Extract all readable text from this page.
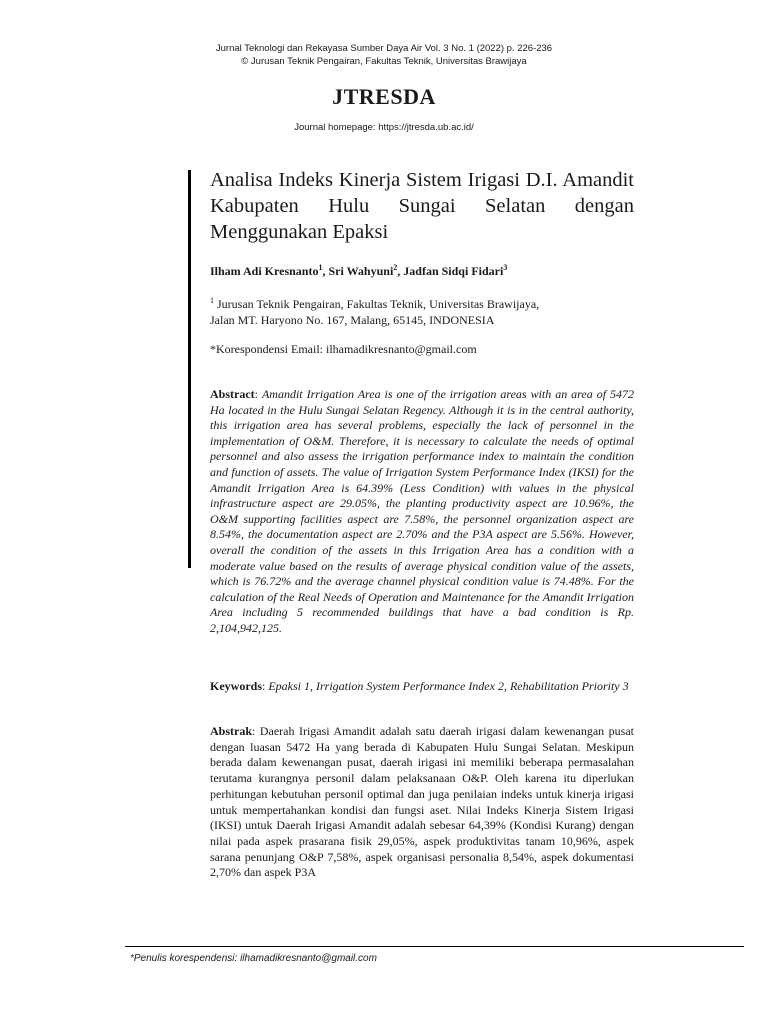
Jurnal Teknologi dan Rekayasa Sumber Daya Air Vol. 3 No. 1 (2022) p. 226-236
© Jurusan Teknik Pengairan, Fakultas Teknik, Universitas Brawijaya
JTRESDA
Journal homepage: https://jtresda.ub.ac.id/
Analisa Indeks Kinerja Sistem Irigasi D.I. Amandit Kabupaten Hulu Sungai Selatan dengan Menggunakan Epaksi
Ilham Adi Kresnanto$^1$, Sri Wahyuni$^2$, Jadfan Sidqi Fidari$^3$
$^1$ Jurusan Teknik Pengairan, Fakultas Teknik, Universitas Brawijaya,
Jalan MT. Haryono No. 167, Malang, 65145, INDONESIA
*Korespondensi Email: ilhamadikresnanto@gmail.com
Abstract: Amandit Irrigation Area is one of the irrigation areas with an area of 5472 Ha located in the Hulu Sungai Selatan Regency. Although it is in the central authority, this irrigation area has several problems, especially the lack of personnel in the implementation of O&M. Therefore, it is necessary to calculate the needs of optimal personnel and also assess the irrigation performance index to maintain the condition and function of assets. The value of Irrigation System Performance Index (IKSI) for the Amandit Irrigation Area is 64.39% (Less Condition) with values in the physical infrastructure aspect are 29.05%, the planting productivity aspect are 10.96%, the O&M supporting facilities aspect are 7.58%, the personnel organization aspect are 8.54%, the documentation aspect are 2.70% and the P3A aspect are 5.56%. However, overall the condition of the assets in this Irrigation Area has a condition with a moderate value based on the results of average physical condition value of the assets, which is 76.72% and the average channel physical condition value is 74.48%. For the calculation of the Real Needs of Operation and Maintenance for the Amandit Irrigation Area including 5 recommended buildings that have a bad condition is Rp. 2,104,942,125.
Keywords: Epaksi 1, Irrigation System Performance Index 2, Rehabilitation Priority 3
Abstrak: Daerah Irigasi Amandit adalah satu daerah irigasi dalam kewenangan pusat dengan luasan 5472 Ha yang berada di Kabupaten Hulu Sungai Selatan. Meskipun berada dalam kewenangan pusat, daerah irigasi ini memiliki beberapa permasalahan terutama kurangnya personil dalam pelaksanaan O&P. Oleh karena itu diperlukan perhitungan kebutuhan personil optimal dan juga penilaian indeks untuk kinerja irigasi untuk mempertahankan kondisi dan fungsi aset. Nilai Indeks Kinerja Sistem Irigasi (IKSI) untuk Daerah Irigasi Amandit adalah sebesar 64,39% (Kondisi Kurang) dengan nilai pada aspek prasarana fisik 29,05%, aspek produktivitas tanam 10,96%, aspek sarana penunjang O&P 7,58%, aspek organisasi personalia 8,54%, aspek dokumentasi 2,70% dan aspek P3A
*Penulis korespendensi: ilhamadikresnanto@gmail.com
